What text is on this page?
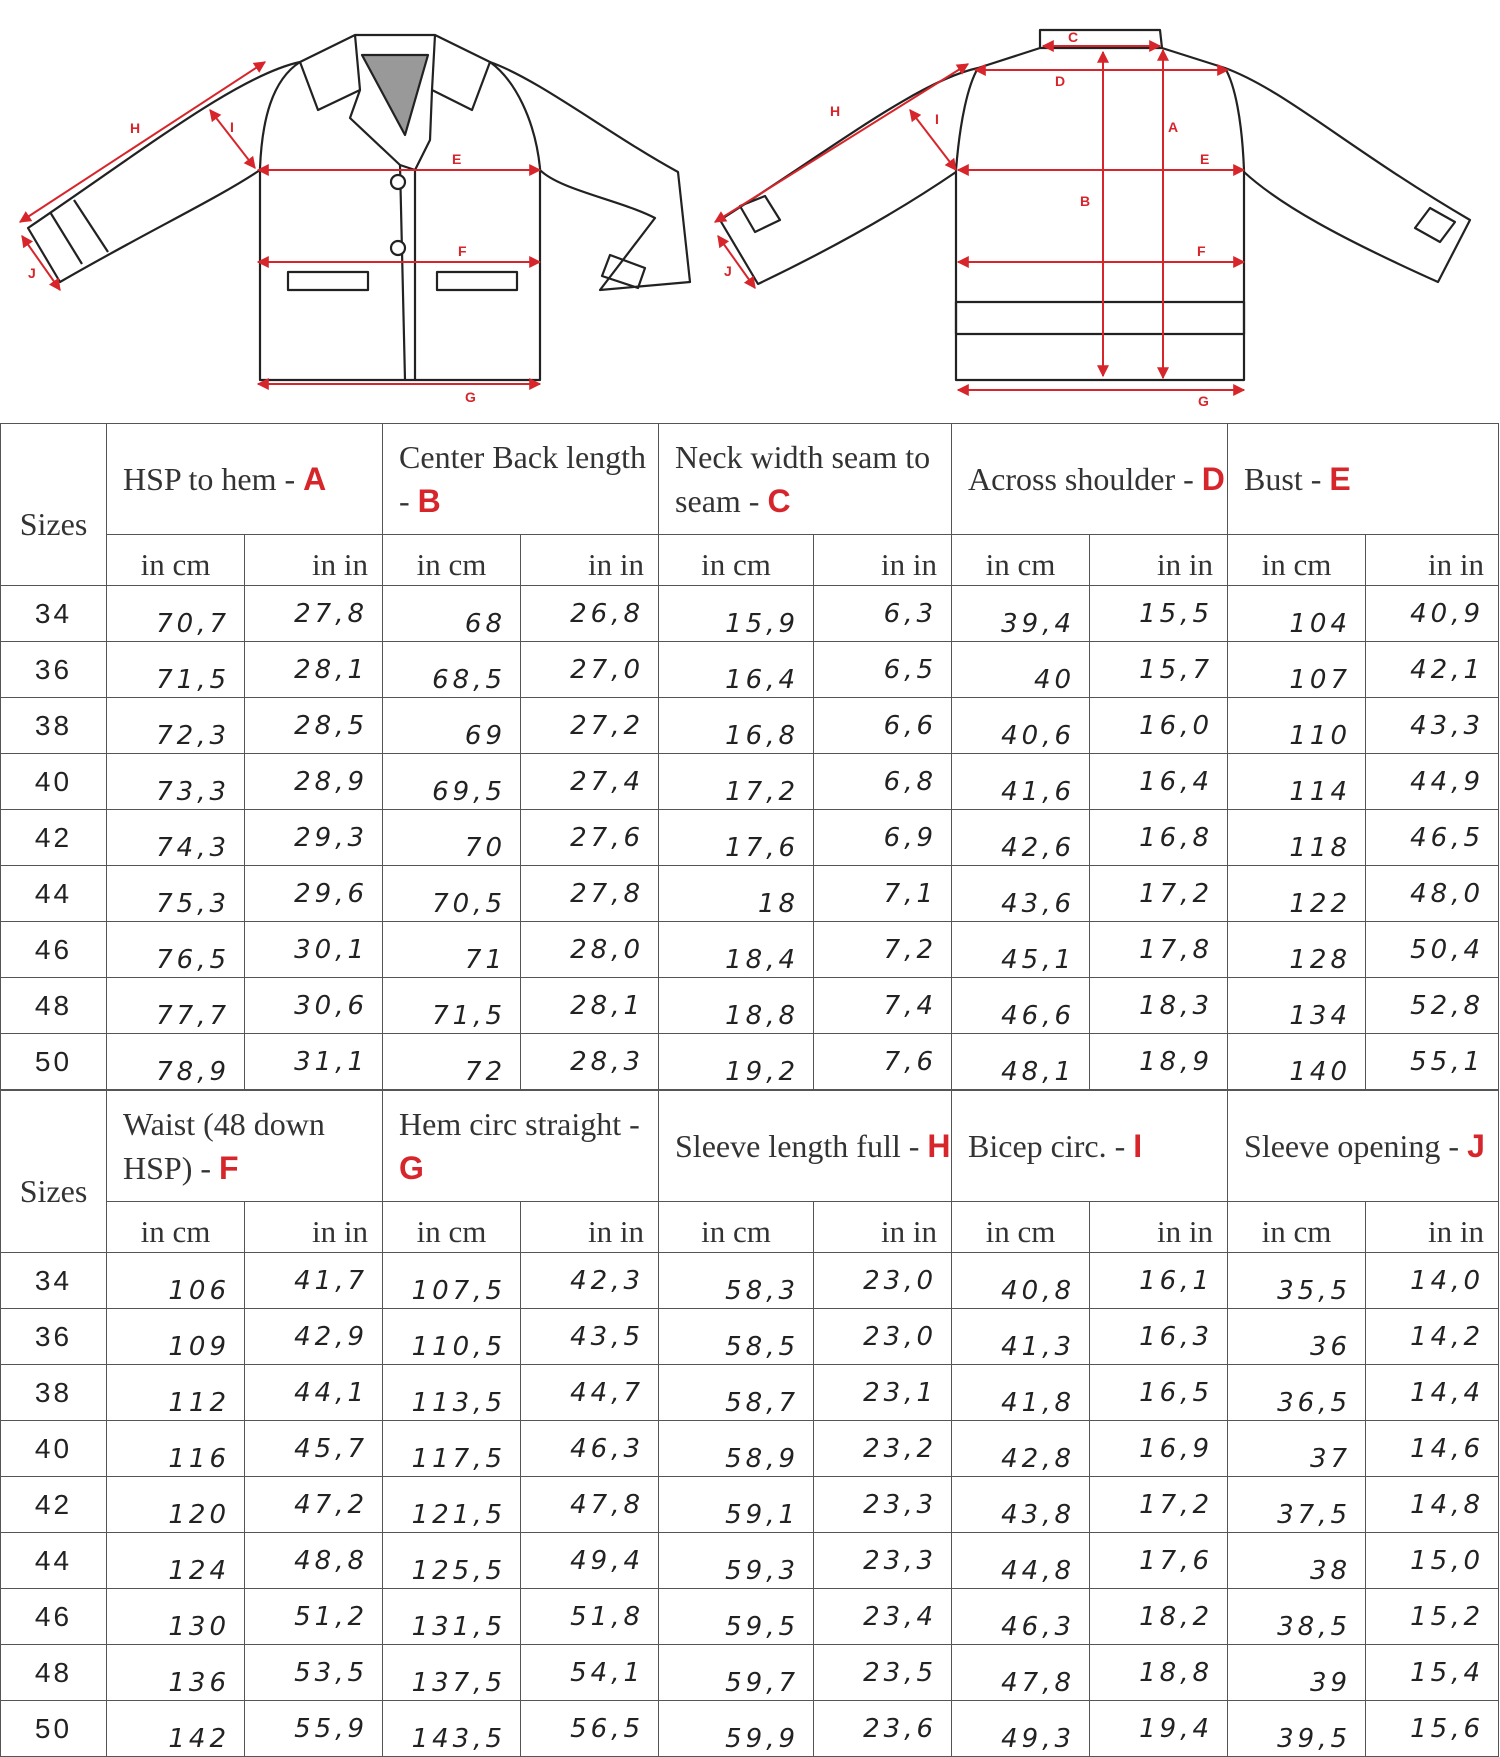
H	I
E
F
J
G
C
D
A
H	I
E
B
F
J
G
Sizes	HSP to hem - A		Center Back length - B		Neck width seam to seam - C		Across shoulder - D		Bust - E	
	in cm	in in	in cm	in in	in cm	in in	in cm	in in	in cm	in in
34	70,7	27,8	68	26,8	15,9	6,3	39,4	15,5	104	40,9
36	71,5	28,1	68,5	27,0	16,4	6,5	40	15,7	107	42,1
38	72,3	28,5	69	27,2	16,8	6,6	40,6	16,0	110	43,3
40	73,3	28,9	69,5	27,4	17,2	6,8	41,6	16,4	114	44,9
42	74,3	29,3	70	27,6	17,6	6,9	42,6	16,8	118	46,5
44	75,3	29,6	70,5	27,8	18	7,1	43,6	17,2	122	48,0
46	76,5	30,1	71	28,0	18,4	7,2	45,1	17,8	128	50,4
48	77,7	30,6	71,5	28,1	18,8	7,4	46,6	18,3	134	52,8
50	78,9	31,1	72	28,3	19,2	7,6	48,1	18,9	140	55,1
Sizes	Waist (48 down HSP) - F		Hem circ straight - G		Sleeve length full - H		Bicep circ. - I		Sleeve opening - J	
	in cm	in in	in cm	in in	in cm	in in	in cm	in in	in cm	in in
34	106	41,7	107,5	42,3	58,3	23,0	40,8	16,1	35,5	14,0
36	109	42,9	110,5	43,5	58,5	23,0	41,3	16,3	36	14,2
38	112	44,1	113,5	44,7	58,7	23,1	41,8	16,5	36,5	14,4
40	116	45,7	117,5	46,3	58,9	23,2	42,8	16,9	37	14,6
42	120	47,2	121,5	47,8	59,1	23,3	43,8	17,2	37,5	14,8
44	124	48,8	125,5	49,4	59,3	23,3	44,8	17,6	38	15,0
46	130	51,2	131,5	51,8	59,5	23,4	46,3	18,2	38,5	15,2
48	136	53,5	137,5	54,1	59,7	23,5	47,8	18,8	39	15,4
50	142	55,9	143,5	56,5	59,9	23,6	49,3	19,4	39,5	15,6
